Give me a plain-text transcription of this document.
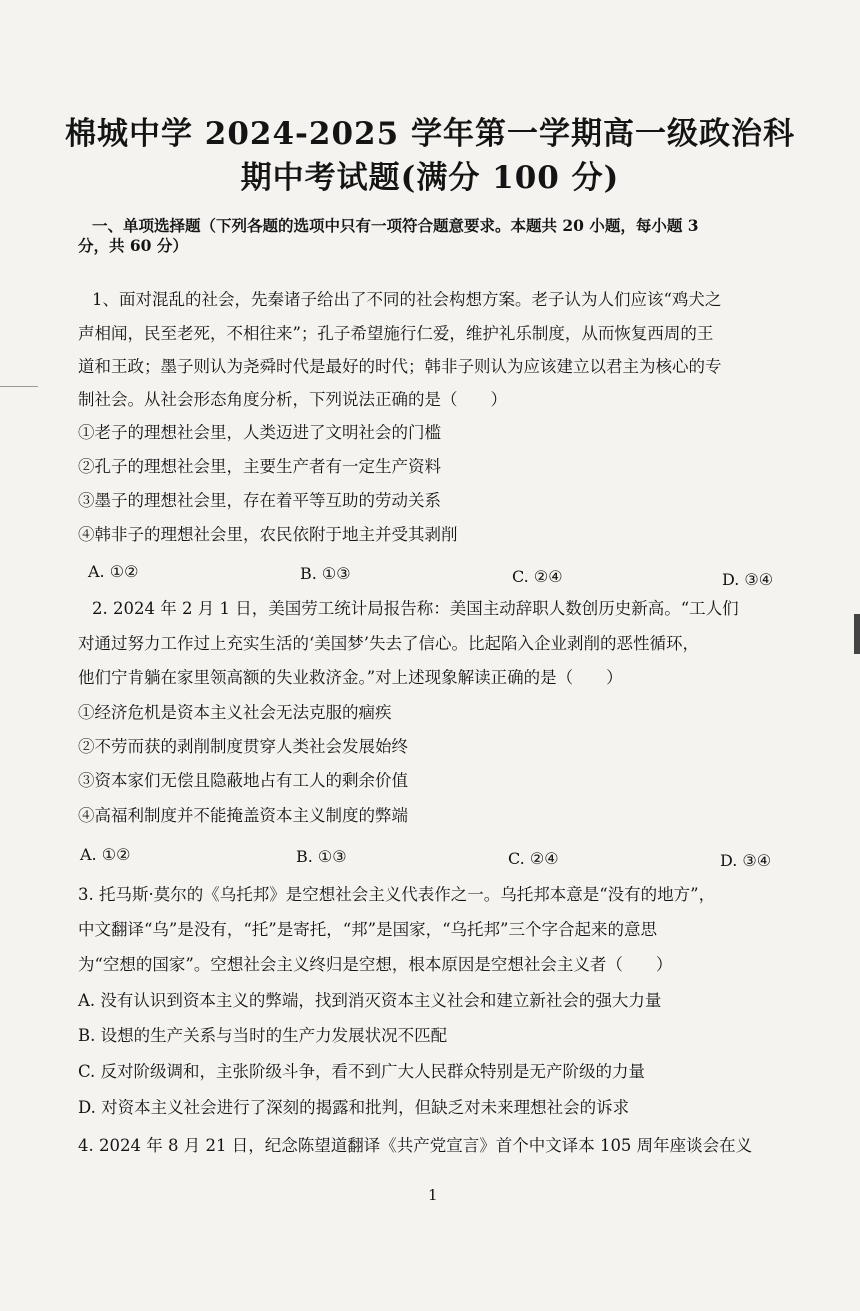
棉城中学 2024-2025 学年第一学期高一级政治科
期中考试题(满分 100 分)
一、单项选择题（下列各题的选项中只有一项符合题意要求。本题共 20 小题，每小题 3
分，共 60 分）
1、面对混乱的社会，先秦诸子给出了不同的社会构想方案。老子认为人们应该“鸡犬之
声相闻，民至老死，不相往来”；孔子希望施行仁爱，维护礼乐制度，从而恢复西周的王
道和王政；墨子则认为尧舜时代是最好的时代；韩非子则认为应该建立以君主为核心的专
制社会。从社会形态角度分析，下列说法正确的是（　　）
①老子的理想社会里，人类迈进了文明社会的门槛
②孔子的理想社会里，主要生产者有一定生产资料
③墨子的理想社会里，存在着平等互助的劳动关系
④韩非子的理想社会里，农民依附于地主并受其剥削
A. ①②	B. ①③	C. ②④	D. ③④
2. 2024 年 2 月 1 日，美国劳工统计局报告称：美国主动辞职人数创历史新高。“工人们
对通过努力工作过上充实生活的‘美国梦’失去了信心。比起陷入企业剥削的恶性循环，
他们宁肯躺在家里领高额的失业救济金。”对上述现象解读正确的是（　　）
①经济危机是资本主义社会无法克服的痼疾
②不劳而获的剥削制度贯穿人类社会发展始终
③资本家们无偿且隐蔽地占有工人的剩余价值
④高福利制度并不能掩盖资本主义制度的弊端
A. ①②	B. ①③	C. ②④	D. ③④
3. 托马斯·莫尔的《乌托邦》是空想社会主义代表作之一。乌托邦本意是“没有的地方”，
中文翻译“乌”是没有，“托”是寄托，“邦”是国家，“乌托邦”三个字合起来的意思
为“空想的国家”。空想社会主义终归是空想，根本原因是空想社会主义者（　　）
A. 没有认识到资本主义的弊端，找到消灭资本主义社会和建立新社会的强大力量
B. 设想的生产关系与当时的生产力发展状况不匹配
C. 反对阶级调和，主张阶级斗争，看不到广大人民群众特别是无产阶级的力量
D. 对资本主义社会进行了深刻的揭露和批判，但缺乏对未来理想社会的诉求
4. 2024 年 8 月 21 日，纪念陈望道翻译《共产党宣言》首个中文译本 105 周年座谈会在义
1
